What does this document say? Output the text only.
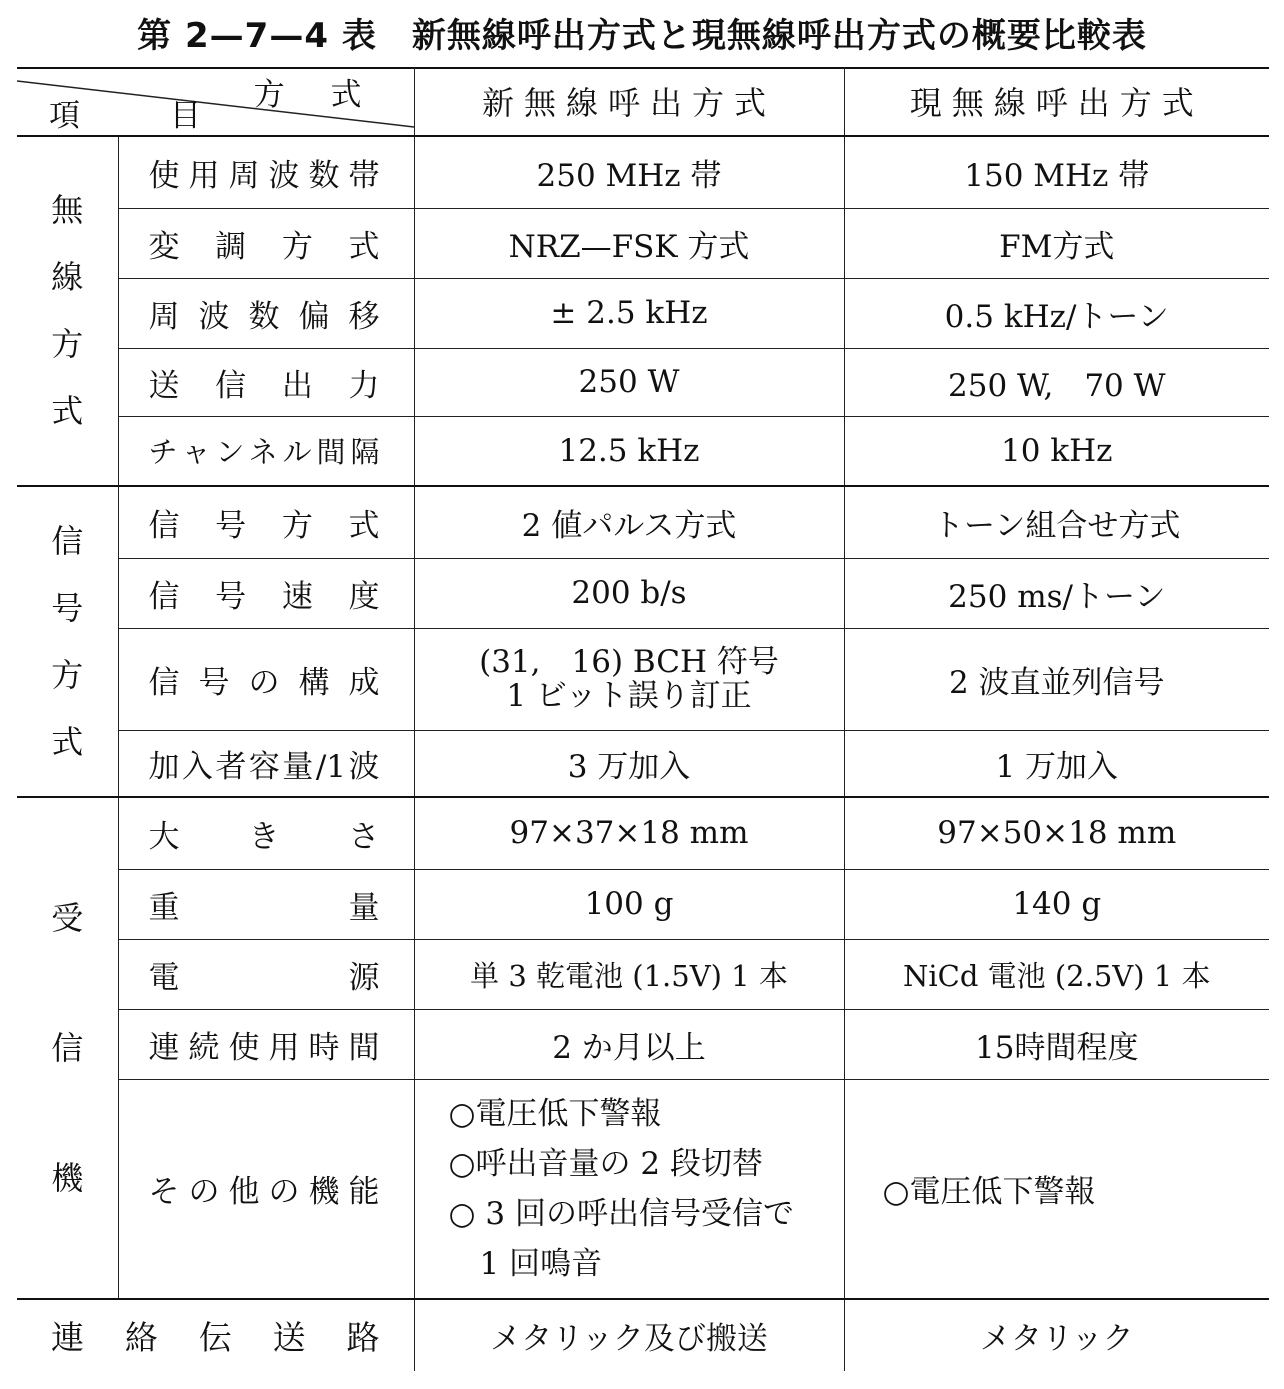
第 2—7—4 表　新無線呼出方式と現無線呼出方式の概要比較表
方 式
項 目		新無線呼出方式	現無線呼出方式
無線方式	使用周波数帯	250 MHz 帯	150 MHz 帯
	変調方式	NRZ—FSK 方式	FM方式
	周波数偏移	± 2.5 kHz	0.5 kHz/トーン
	送信出力	250 W	250 W,　70 W
	チャンネル間隔	12.5 kHz	10 kHz
信号方式	信号方式	2 値パルス方式	トーン組合せ方式
	信号速度	200 b/s	250 ms/トーン
	信号の構成	(31,　16) BCH 符号
1 ビット誤り訂正	2 波直並列信号
	加入者容量/1波	3 万加入	1 万加入
受信機	大きさ	97×37×18 mm	97×50×18 mm
	重量	100 g	140 g
	電源	単 3 乾電池 (1.5V) 1 本	NiCd 電池 (2.5V) 1 本
	連続使用時間	2 か月以上	15時間程度
	その他の機能	○電圧低下警報
○呼出音量の 2 段切替
○ 3 回の呼出信号受信で
　1 回鳴音	○電圧低下警報
連絡伝送路		メタリック及び搬送	メタリック
